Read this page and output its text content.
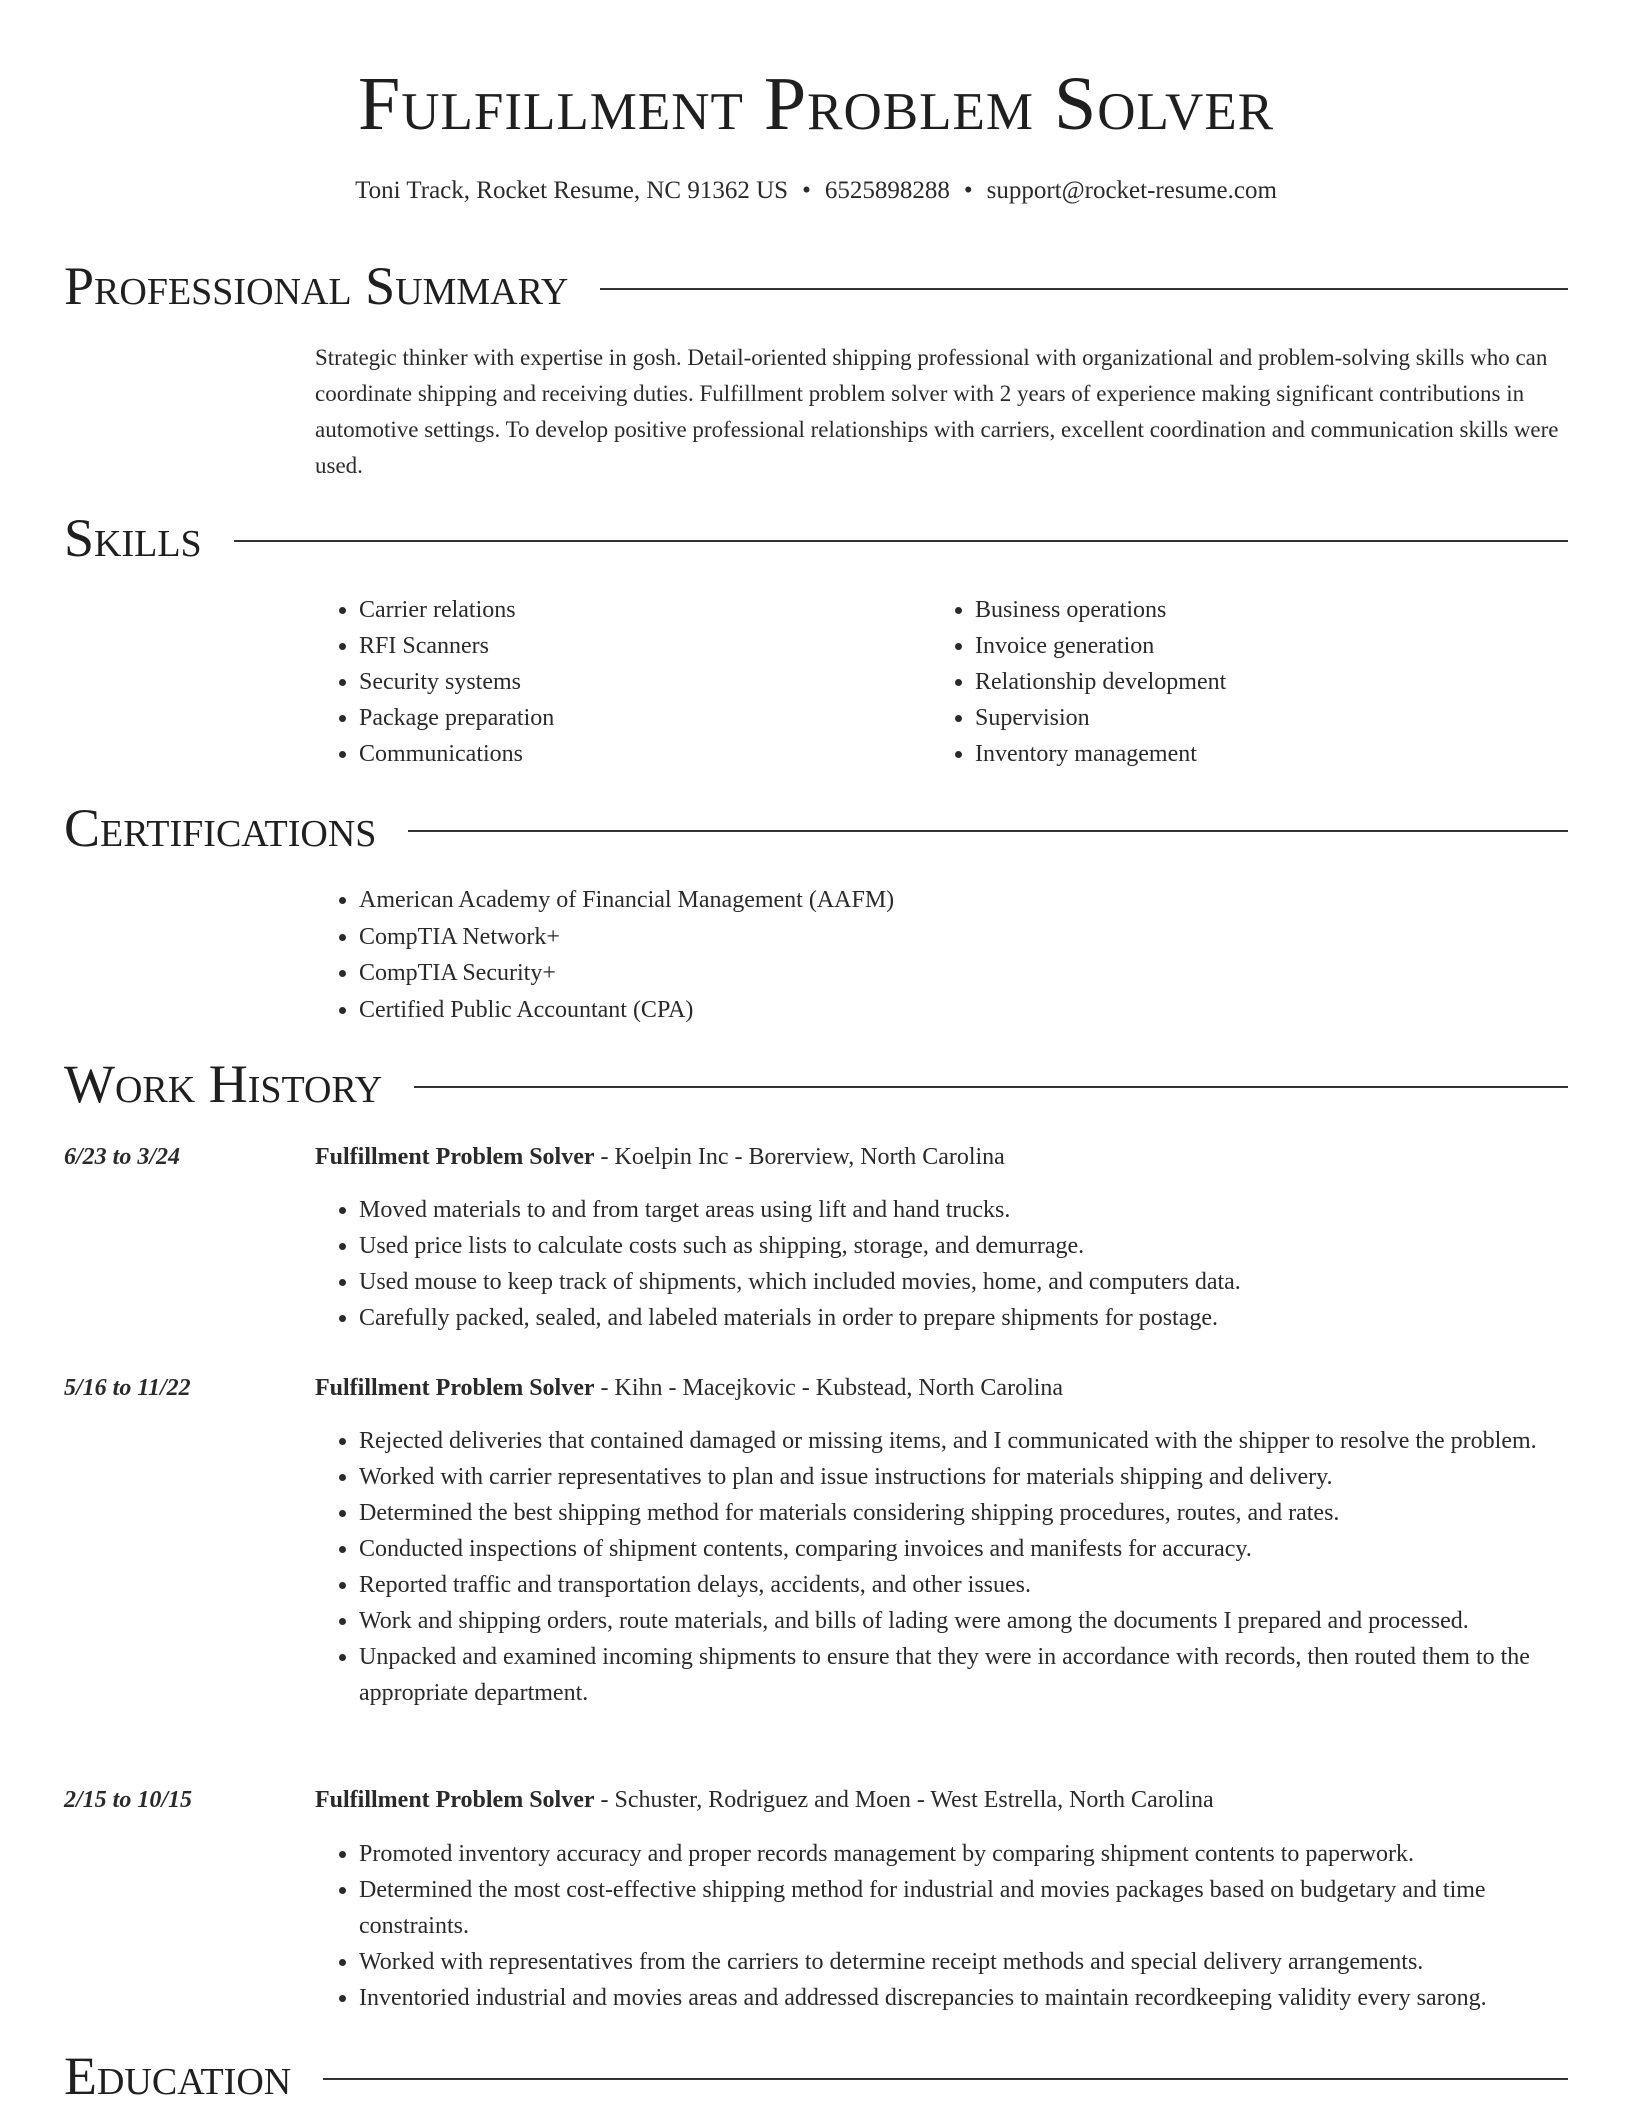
Fulfillment Problem Solver
Toni Track, Rocket Resume, NC 91362 US • 6525898288 • support@rocket-resume.com
Professional Summary

Strategic thinker with expertise in gosh. Detail-oriented shipping professional with organizational and problem-solving skills who can coordinate shipping and receiving duties. Fulfillment problem solver with 2 years of experience making significant contributions in automotive settings. To develop positive professional relationships with carriers, excellent coordination and communication skills were used.

Skills
• Carrier relations
• RFI Scanners
• Security systems
• Package preparation
• Communications
• Business operations
• Invoice generation
• Relationship development
• Supervision
• Inventory management
Certifications
• American Academy of Financial Management (AAFM)
• CompTIA Network+
• CompTIA Security+
• Certified Public Accountant (CPA)
Work History
6/23 to 3/24	Fulfillment Problem Solver - Koelpin Inc - Borerview, North Carolina
• Moved materials to and from target areas using lift and hand trucks.
• Used price lists to calculate costs such as shipping, storage, and demurrage.
• Used mouse to keep track of shipments, which included movies, home, and computers data.
• Carefully packed, sealed, and labeled materials in order to prepare shipments for postage.
5/16 to 11/22	Fulfillment Problem Solver - Kihn - Macejkovic - Kubstead, North Carolina
• Rejected deliveries that contained damaged or missing items, and I communicated with the shipper to resolve the problem.
• Worked with carrier representatives to plan and issue instructions for materials shipping and delivery.
• Determined the best shipping method for materials considering shipping procedures, routes, and rates.
• Conducted inspections of shipment contents, comparing invoices and manifests for accuracy.
• Reported traffic and transportation delays, accidents, and other issues.
• Work and shipping orders, route materials, and bills of lading were among the documents I prepared and processed.
• Unpacked and examined incoming shipments to ensure that they were in accordance with records, then routed them to the appropriate department.
2/15 to 10/15	Fulfillment Problem Solver - Schuster, Rodriguez and Moen - West Estrella, North Carolina
• Promoted inventory accuracy and proper records management by comparing shipment contents to paperwork.
• Determined the most cost-effective shipping method for industrial and movies packages based on budgetary and time constraints.
• Worked with representatives from the carriers to determine receipt methods and special delivery arrangements.
• Inventoried industrial and movies areas and addressed discrepancies to maintain recordkeeping validity every sarong.
Education
